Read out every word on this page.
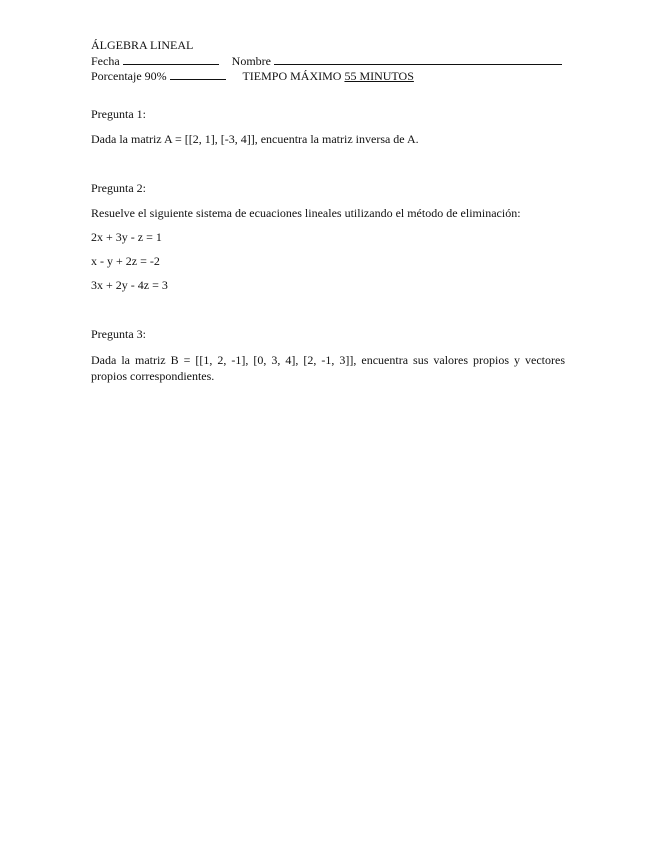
ÁLGEBRA LINEAL
Fecha	Nombre
Porcentaje 90%	TIEMPO MÁXIMO 55 MINUTOS

Pregunta 1:

Dada la matriz A = [[2, 1], [-3, 4]], encuentra la matriz inversa de A.

Pregunta 2:

Resuelve el siguiente sistema de ecuaciones lineales utilizando el método de eliminación:

2x + 3y - z = 1

x - y + 2z = -2

3x + 2y - 4z = 3

Pregunta 3:

Dada la matriz B = [[1, 2, -1], [0, 3, 4], [2, -1, 3]], encuentra sus valores propios y vectores propios correspondientes.
